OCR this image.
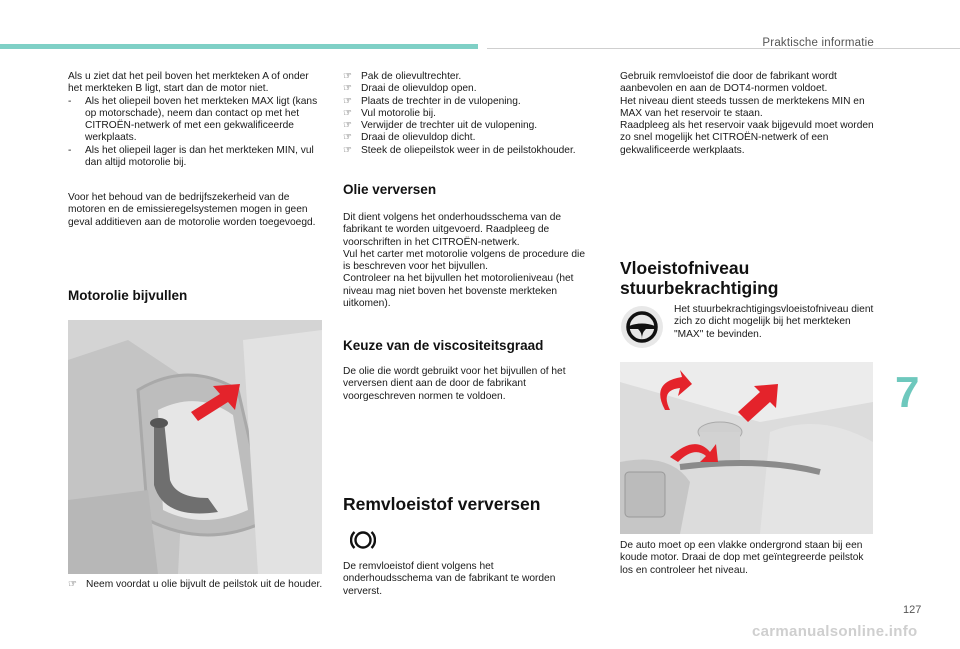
Praktische informatie
7
127
carmanualsonline.info

Als u ziet dat het peil boven het merkteken A of onder het merkteken B ligt, start dan de motor niet.

- Als het oliepeil boven het merkteken MAX ligt (kans op motorschade), neem dan contact op met het CITROËN-netwerk of met een gekwalificeerde werkplaats.
- Als het oliepeil lager is dan het merkteken MIN, vul dan altijd motorolie bij.

Voor het behoud van de bedrijfszekerheid van de motoren en de emissieregelsystemen mogen in geen geval additieven aan de motorolie worden toegevoegd.

Motorolie bijvullen
☞ Neem voordat u olie bijvult de peilstok uit de houder.
☞ Pak de olievultrechter.
☞ Draai de olievuldop open.
☞ Plaats de trechter in de vulopening.
☞ Vul motorolie bij.
☞ Verwijder de trechter uit de vulopening.
☞ Draai de olievuldop dicht.
☞ Steek de oliepeilstok weer in de peilstokhouder.
Olie verversen

Dit dient volgens het onderhoudsschema van de fabrikant te worden uitgevoerd. Raadpleeg de voorschriften in het CITROËN-netwerk.
Vul het carter met motorolie volgens de procedure die is beschreven voor het bijvullen.
Controleer na het bijvullen het motorolieniveau (het niveau mag niet boven het bovenste merkteken uitkomen).

Keuze van de viscositeitsgraad

De olie die wordt gebruikt voor het bijvullen of het verversen dient aan de door de fabrikant voorgeschreven normen te voldoen.

Remvloeistof verversen

De remvloeistof dient volgens het onderhoudsschema van de fabrikant te worden ververst.

Gebruik remvloeistof die door de fabrikant wordt aanbevolen en aan de DOT4-normen voldoet.
Het niveau dient steeds tussen de merktekens MIN en MAX van het reservoir te staan.
Raadpleeg als het reservoir vaak bijgevuld moet worden zo snel mogelijk het CITROËN-netwerk of een gekwalificeerde werkplaats.

Vloeistofniveau
stuurbekrachtiging

Het stuurbekrachtigingsvloeistofniveau dient zich zo dicht mogelijk bij het merkteken "MAX" te bevinden.

De auto moet op een vlakke ondergrond staan bij een koude motor. Draai de dop met geïntegreerde peilstok los en controleer het niveau.
